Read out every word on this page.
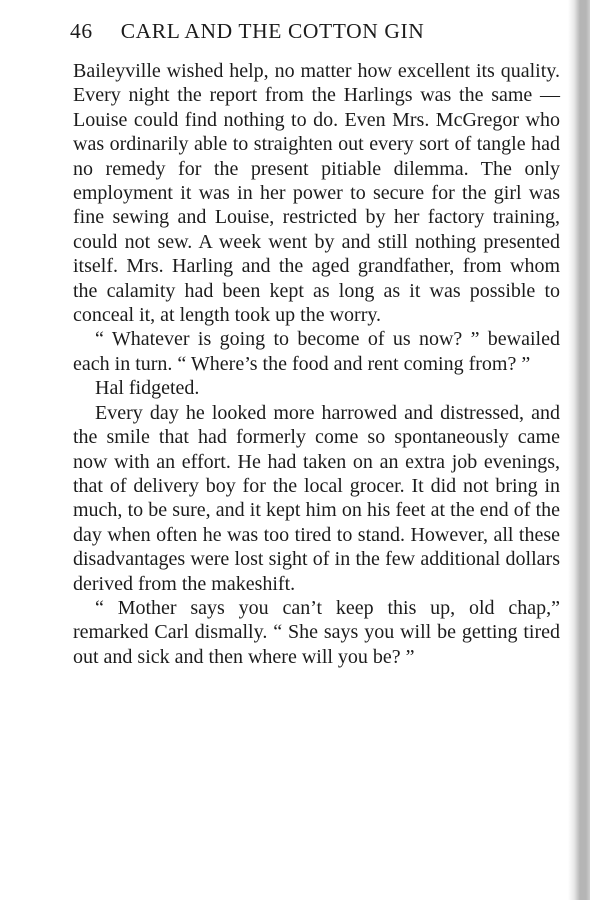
46 CARL AND THE COTTON GIN

Baileyville wished help, no matter how excellent its quality. Every night the report from the Harlings was the same — Louise could find nothing to do. Even Mrs. McGregor who was ordinarily able to straighten out every sort of tangle had no remedy for the present pitiable dilemma. The only employment it was in her power to secure for the girl was fine sewing and Louise, restricted by her factory training, could not sew. A week went by and still nothing presented itself. Mrs. Harling and the aged grandfather, from whom the calamity had been kept as long as it was possible to conceal it, at length took up the worry.

“ Whatever is going to become of us now? ” bewailed each in turn. “ Where’s the food and rent coming from? ”

Hal fidgeted.

Every day he looked more harrowed and distressed, and the smile that had formerly come so spontaneously came now with an effort. He had taken on an extra job evenings, that of delivery boy for the local grocer. It did not bring in much, to be sure, and it kept him on his feet at the end of the day when often he was too tired to stand. However, all these disadvantages were lost sight of in the few additional dollars derived from the makeshift.

“ Mother says you can’t keep this up, old chap,” remarked Carl dismally. “ She says you will be getting tired out and sick and then where will you be? ”
